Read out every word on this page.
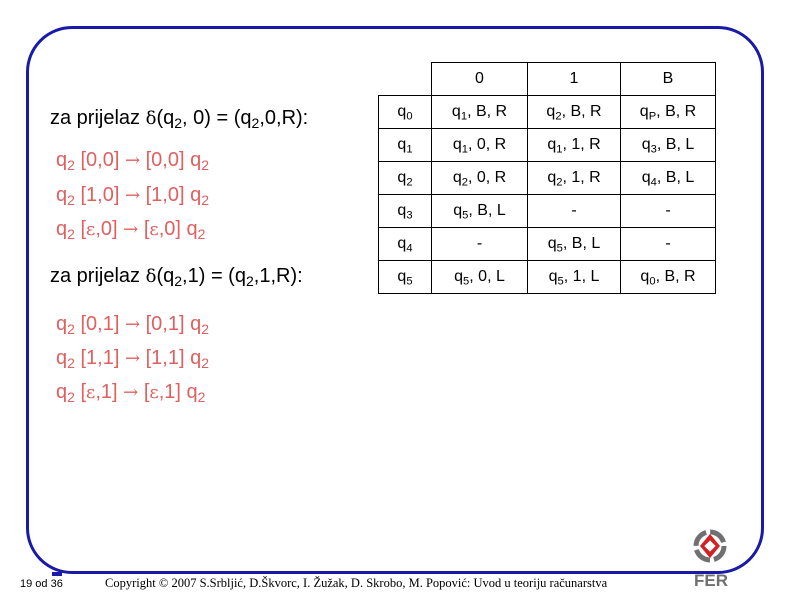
za prijelaz $\delta(q_2$, $0) = (q_2,0,R)$:
$q_2$ [0,0] → [0,0] $q_2$
$q_2$ [1,0] → [1,0] $q_2$
$q_2$ [ε,0] → [ε,0] $q_2$
za prijelaz $\delta(q_2,1) = (q_2,1,R)$:
$q_2$ [0,1] → [0,1] $q_2$
$q_2$ [1,1] → [1,1] $q_2$
$q_2$ [ε,1] → [ε,1] $q_2$
	0	1	B
$q_0$	$q_1$, B, R	$q_2$, B, R	$q_P$, B, R
$q_1$	$q_1$, 0, R	$q_1$, 1, R	$q_3$, B, L
$q_2$	$q_2$, 0, R	$q_2$, 1, R	$q_4$, B, L
$q_3$	$q_5$, B, L	-	-
$q_4$	-	$q_5$, B, L	-
$q_5$	$q_5$, 0, L	$q_5$, 1, L	$q_0$, B, R
19 od 36	Copyright © 2007 S.Srbljić, D.Škvorc, I. Žužak, D. Skrobo, M. Popović: Uvod u teoriju računarstva	FER
